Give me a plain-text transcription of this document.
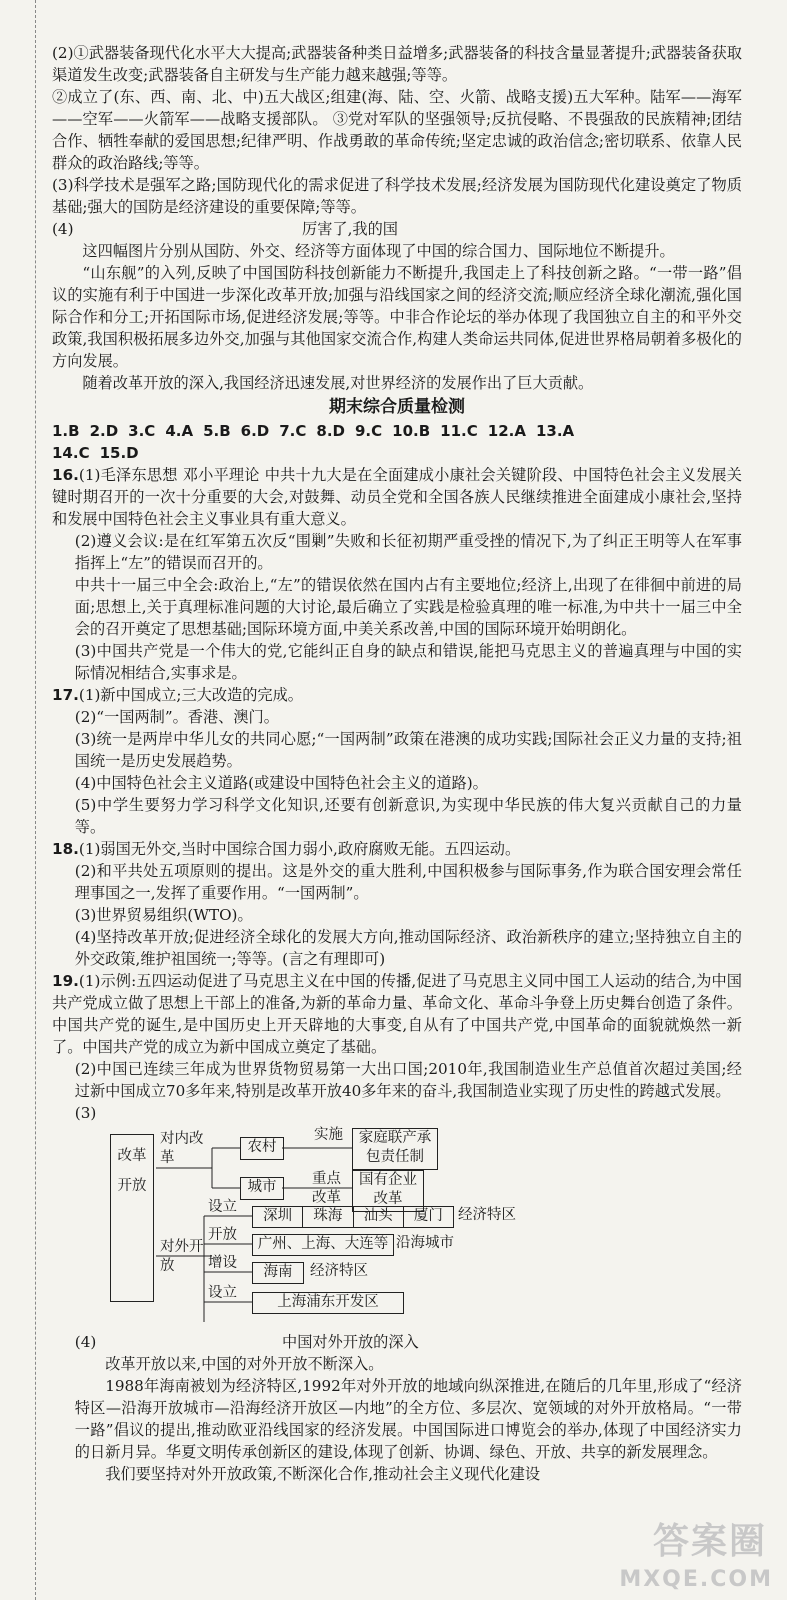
(2)①武器装备现代化水平大大提高;武器装备种类日益增多;武器装备的科技含量显著提升;武器装备获取渠道发生改变;武器装备自主研发与生产能力越来越强;等等。

②成立了(东、西、南、北、中)五大战区;组建(海、陆、空、火箭、战略支援)五大军种。陆军——海军——空军——火箭军——战略支援部队。 ③党对军队的坚强领导;反抗侵略、不畏强敌的民族精神;团结合作、牺牲奉献的爱国思想;纪律严明、作战勇敢的革命传统;坚定忠诚的政治信念;密切联系、依靠人民群众的政治路线;等等。

(3)科学技术是强军之路;国防现代化的需求促进了科学技术发展;经济发展为国防现代化建设奠定了物质基础;强大的国防是经济建设的重要保障;等等。

(4)	厉害了,我的国

这四幅图片分别从国防、外交、经济等方面体现了中国的综合国力、国际地位不断提升。

“山东舰”的入列,反映了中国国防科技创新能力不断提升,我国走上了科技创新之路。“一带一路”倡议的实施有利于中国进一步深化改革开放;加强与沿线国家之间的经济交流;顺应经济全球化潮流,强化国际合作和分工;开拓国际市场,促进经济发展;等等。中非合作论坛的举办体现了我国独立自主的和平外交政策,我国积极拓展多边外交,加强与其他国家交流合作,构建人类命运共同体,促进世界格局朝着多极化的方向发展。

随着改革开放的深入,我国经济迅速发展,对世界经济的发展作出了巨大贡献。

期末综合质量检测

1.B 2.D 3.C 4.A 5.B 6.D 7.C 8.D 9.C 10.B 11.C 12.A 13.A

14.C 15.D

16.(1)毛泽东思想 邓小平理论 中共十九大是在全面建成小康社会关键阶段、中国特色社会主义发展关键时期召开的一次十分重要的大会,对鼓舞、动员全党和全国各族人民继续推进全面建成小康社会,坚持和发展中国特色社会主义事业具有重大意义。

(2)遵义会议:是在红军第五次反“围剿”失败和长征初期严重受挫的情况下,为了纠正王明等人在军事指挥上“左”的错误而召开的。

中共十一届三中全会:政治上,“左”的错误依然在国内占有主要地位;经济上,出现了在徘徊中前进的局面;思想上,关于真理标准问题的大讨论,最后确立了实践是检验真理的唯一标准,为中共十一届三中全会的召开奠定了思想基础;国际环境方面,中美关系改善,中国的国际环境开始明朗化。

(3)中国共产党是一个伟大的党,它能纠正自身的缺点和错误,能把马克思主义的普遍真理与中国的实际情况相结合,实事求是。

17.(1)新中国成立;三大改造的完成。

(2)“一国两制”。香港、澳门。

(3)统一是两岸中华儿女的共同心愿;“一国两制”政策在港澳的成功实践;国际社会正义力量的支持;祖国统一是历史发展趋势。

(4)中国特色社会主义道路(或建设中国特色社会主义的道路)。

(5)中学生要努力学习科学文化知识,还要有创新意识,为实现中华民族的伟大复兴贡献自己的力量等。

18.(1)弱国无外交,当时中国综合国力弱小,政府腐败无能。五四运动。

(2)和平共处五项原则的提出。这是外交的重大胜利,中国积极参与国际事务,作为联合国安理会常任理事国之一,发挥了重要作用。“一国两制”。

(3)世界贸易组织(WTO)。

(4)坚持改革开放;促进经济全球化的发展大方向,推动国际经济、政治新秩序的建立;坚持独立自主的外交政策,维护祖国统一;等等。(言之有理即可)

19.(1)示例:五四运动促进了马克思主义在中国的传播,促进了马克思主义同中国工人运动的结合,为中国共产党成立做了思想上干部上的准备,为新的革命力量、革命文化、革命斗争登上历史舞台创造了条件。中国共产党的诞生,是中国历史上开天辟地的大事变,自从有了中国共产党,中国革命的面貌就焕然一新了。中国共产党的成立为新中国成立奠定了基础。

(2)中国已连续三年成为世界货物贸易第一大出口国;2010年,我国制造业生产总值首次超过美国;经过新中国成立70多年来,特别是改革开放40多年来的奋斗,我国制造业实现了历史性的跨越式发展。

(3)

改革开放
对内改革
对外开放
农村
实施	家庭联产承包责任制
城市	重点改革
国有企业改革
设立
深圳	珠海	汕头	厦门	经济特区
开放
广州、上海、大连等 沿海城市
增设
海南	经济特区
设立
上海浦东开发区

(4)	中国对外开放的深入

改革开放以来,中国的对外开放不断深入。

1988年海南被划为经济特区,1992年对外开放的地域向纵深推进,在随后的几年里,形成了“经济特区—沿海开放城市—沿海经济开放区—内地”的全方位、多层次、宽领域的对外开放格局。“一带一路”倡议的提出,推动欧亚沿线国家的经济发展。中国国际进口博览会的举办,体现了中国经济实力的日新月异。华夏文明传承创新区的建设,体现了创新、协调、绿色、开放、共享的新发展理念。

我们要坚持对外开放政策,不断深化合作,推动社会主义现代化建设

答案圈
MXQE.COM
